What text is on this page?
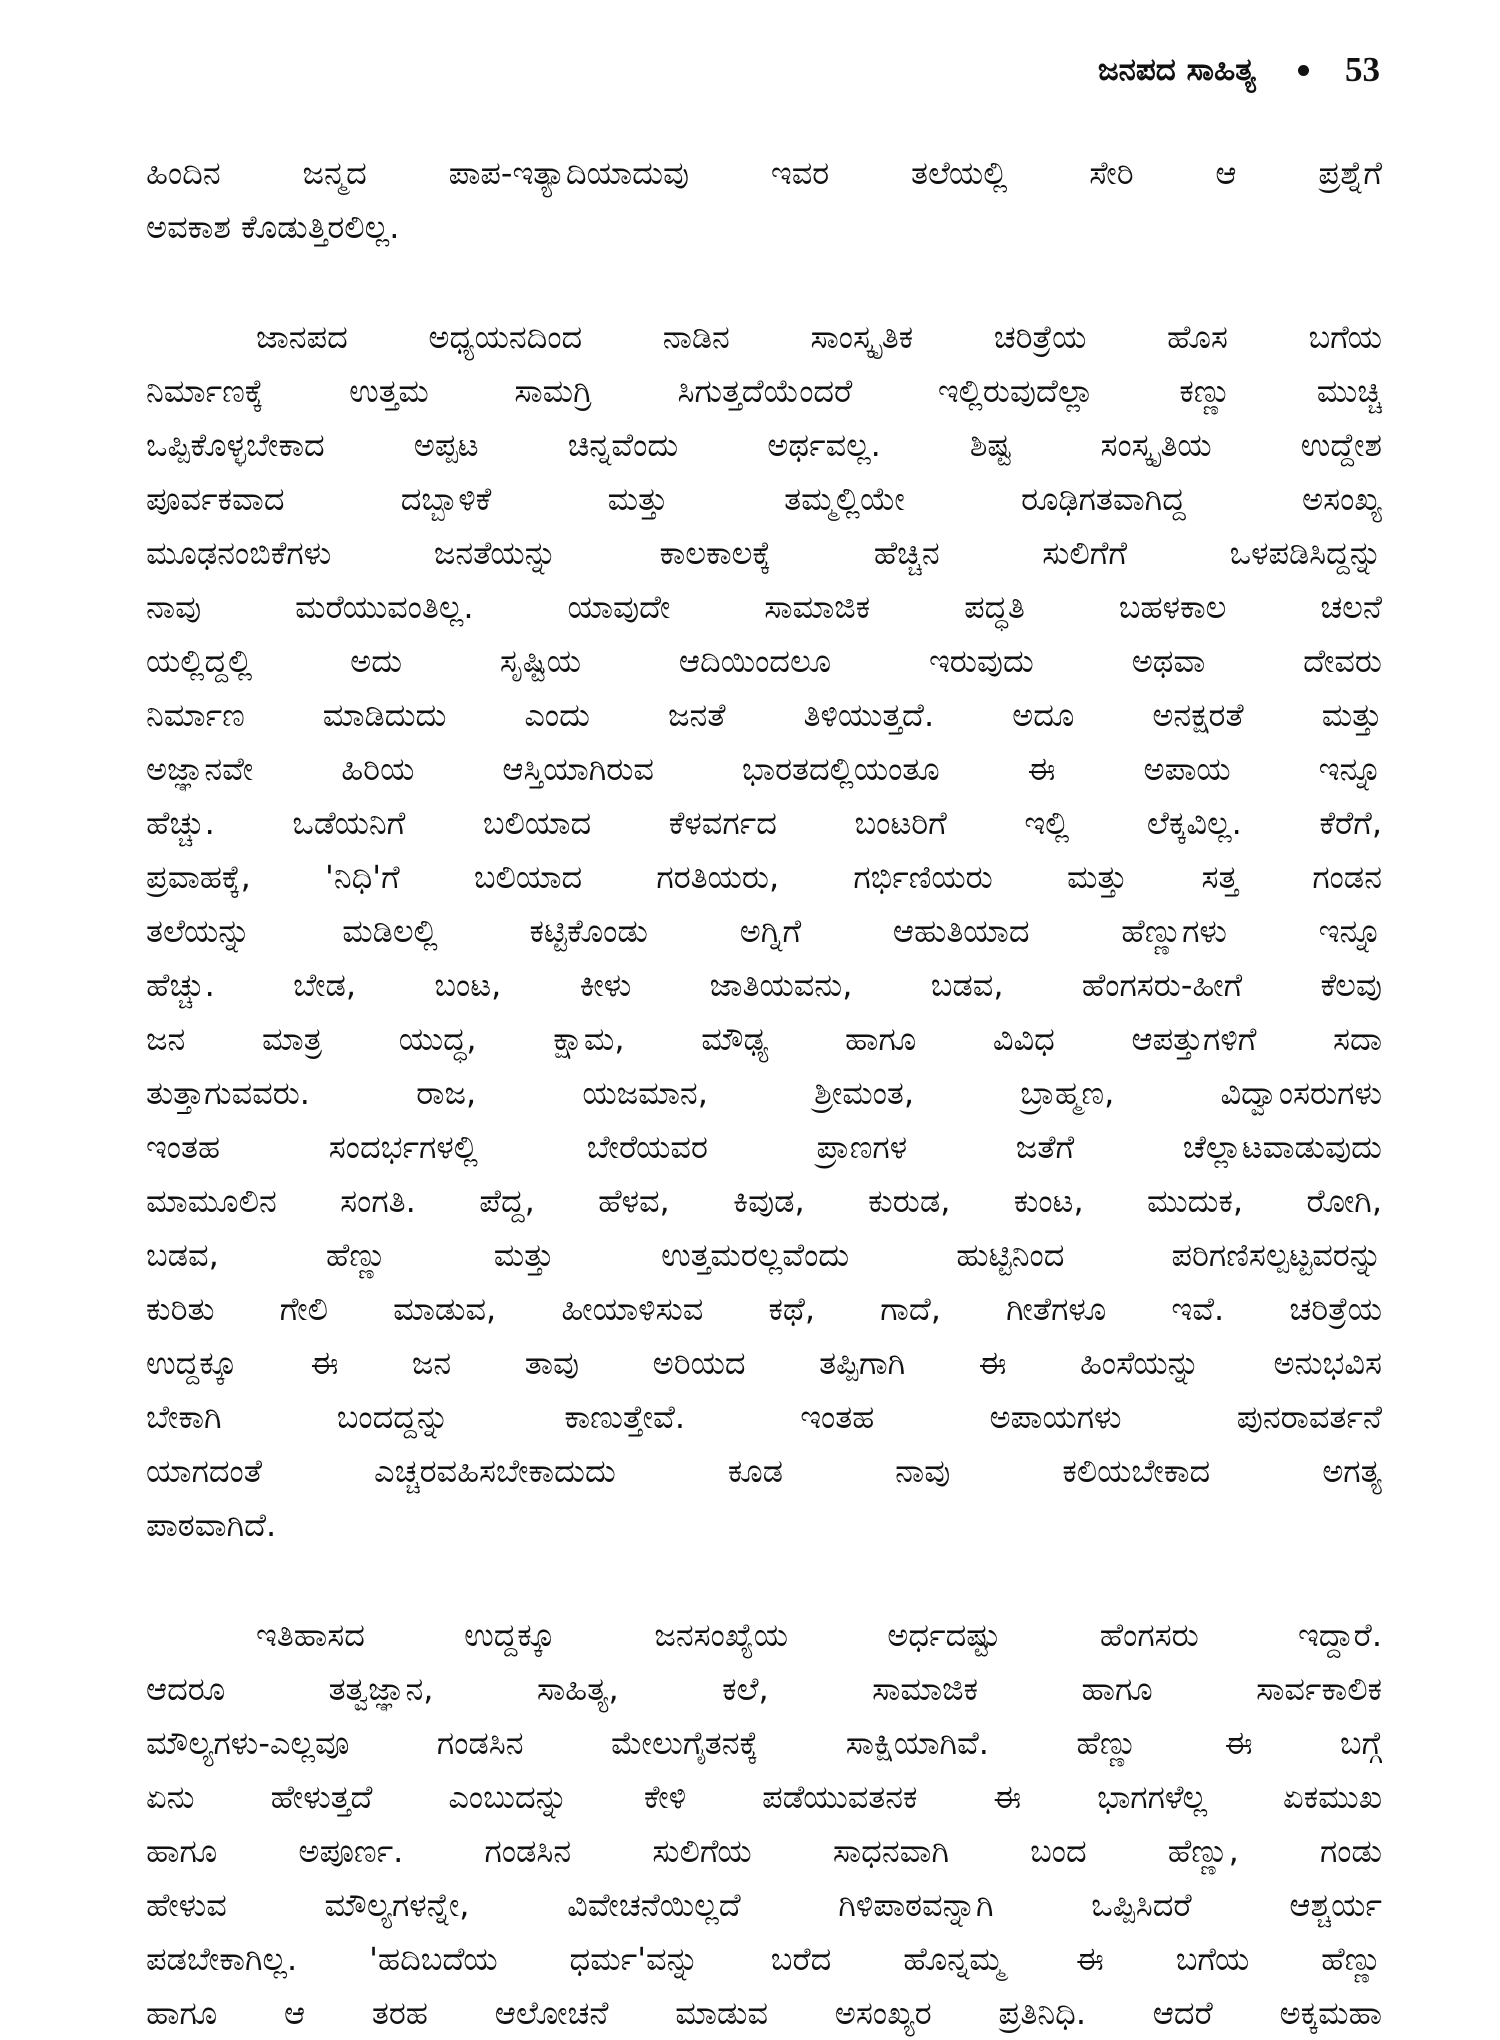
ಜನಪದ ಸಾಹಿತ್ಯ	53
ಹಿಂದಿನ ಜನ್ಮದ ಪಾಪ-ಇತ್ಯಾದಿಯಾದುವು ಇವರ ತಲೆಯಲ್ಲಿ ಸೇರಿ ಆ ಪ್ರಶ್ನೆಗೆ
ಅವಕಾಶ ಕೊಡುತ್ತಿರಲಿಲ್ಲ.
ಜಾನಪದ ಅಧ್ಯಯನದಿಂದ ನಾಡಿನ ಸಾಂಸ್ಕೃತಿಕ ಚರಿತ್ರೆಯ ಹೊಸ ಬಗೆಯ
ನಿರ್ಮಾಣಕ್ಕೆ ಉತ್ತಮ ಸಾಮಗ್ರಿ ಸಿಗುತ್ತದೆಯೆಂದರೆ ಇಲ್ಲಿರುವುದೆಲ್ಲಾ ಕಣ್ಣು ಮುಚ್ಚಿ
ಒಪ್ಪಿಕೊಳ್ಳಬೇಕಾದ ಅಪ್ಪಟ ಚಿನ್ನವೆಂದು ಅರ್ಥವಲ್ಲ. ಶಿಷ್ಟ ಸಂಸ್ಕೃತಿಯ ಉದ್ದೇಶ
ಪೂರ್ವಕವಾದ ದಬ್ಬಾಳಿಕೆ ಮತ್ತು ತಮ್ಮಲ್ಲಿಯೇ ರೂಢಿಗತವಾಗಿದ್ದ ಅಸಂಖ್ಯ
ಮೂಢನಂಬಿಕೆಗಳು ಜನತೆಯನ್ನು ಕಾಲಕಾಲಕ್ಕೆ ಹೆಚ್ಚಿನ ಸುಲಿಗೆಗೆ ಒಳಪಡಿಸಿದ್ದನ್ನು
ನಾವು ಮರೆಯುವಂತಿಲ್ಲ. ಯಾವುದೇ ಸಾಮಾಜಿಕ ಪದ್ಧತಿ ಬಹಳಕಾಲ ಚಲನೆ
ಯಲ್ಲಿದ್ದಲ್ಲಿ ಅದು ಸೃಷ್ಟಿಯ ಆದಿಯಿಂದಲೂ ಇರುವುದು ಅಥವಾ ದೇವರು
ನಿರ್ಮಾಣ ಮಾಡಿದುದು ಎಂದು ಜನತೆ ತಿಳಿಯುತ್ತದೆ. ಅದೂ ಅನಕ್ಷರತೆ ಮತ್ತು
ಅಜ್ಞಾನವೇ ಹಿರಿಯ ಆಸ್ತಿಯಾಗಿರುವ ಭಾರತದಲ್ಲಿಯಂತೂ ಈ ಅಪಾಯ ಇನ್ನೂ
ಹೆಚ್ಚು. ಒಡೆಯನಿಗೆ ಬಲಿಯಾದ ಕೆಳವರ್ಗದ ಬಂಟರಿಗೆ ಇಲ್ಲಿ ಲೆಕ್ಕವಿಲ್ಲ. ಕೆರೆಗೆ,
ಪ್ರವಾಹಕ್ಕೆ, 'ನಿಧಿ'ಗೆ ಬಲಿಯಾದ ಗರತಿಯರು, ಗರ್ಭಿಣಿಯರು ಮತ್ತು ಸತ್ತ ಗಂಡನ
ತಲೆಯನ್ನು ಮಡಿಲಲ್ಲಿ ಕಟ್ಟಿಕೊಂಡು ಅಗ್ನಿಗೆ ಆಹುತಿಯಾದ ಹೆಣ್ಣುಗಳು ಇನ್ನೂ
ಹೆಚ್ಚು. ಬೇಡ, ಬಂಟ, ಕೀಳು ಜಾತಿಯವನು, ಬಡವ, ಹೆಂಗಸರು-ಹೀಗೆ ಕೆಲವು
ಜನ ಮಾತ್ರ ಯುದ್ಧ, ಕ್ಷಾಮ, ಮೌಢ್ಯ ಹಾಗೂ ವಿವಿಧ ಆಪತ್ತುಗಳಿಗೆ ಸದಾ
ತುತ್ತಾಗುವವರು. ರಾಜ, ಯಜಮಾನ, ಶ್ರೀಮಂತ, ಬ್ರಾಹ್ಮಣ, ವಿದ್ವಾಂಸರುಗಳು
ಇಂತಹ ಸಂದರ್ಭಗಳಲ್ಲಿ ಬೇರೆಯವರ ಪ್ರಾಣಗಳ ಜತೆಗೆ ಚೆಲ್ಲಾಟವಾಡುವುದು
ಮಾಮೂಲಿನ ಸಂಗತಿ. ಪೆದ್ದ, ಹೆಳವ, ಕಿವುಡ, ಕುರುಡ, ಕುಂಟ, ಮುದುಕ, ರೋಗಿ,
ಬಡವ, ಹೆಣ್ಣು ಮತ್ತು ಉತ್ತಮರಲ್ಲವೆಂದು ಹುಟ್ಟಿನಿಂದ ಪರಿಗಣಿಸಲ್ಪಟ್ಟವರನ್ನು
ಕುರಿತು ಗೇಲಿ ಮಾಡುವ, ಹೀಯಾಳಿಸುವ ಕಥೆ, ಗಾದೆ, ಗೀತೆಗಳೂ ಇವೆ. ಚರಿತ್ರೆಯ
ಉದ್ದಕ್ಕೂ ಈ ಜನ ತಾವು ಅರಿಯದ ತಪ್ಪಿಗಾಗಿ ಈ ಹಿಂಸೆಯನ್ನು ಅನುಭವಿಸ
ಬೇಕಾಗಿ ಬಂದದ್ದನ್ನು ಕಾಣುತ್ತೇವೆ. ಇಂತಹ ಅಪಾಯಗಳು ಪುನರಾವರ್ತನೆ
ಯಾಗದಂತೆ ಎಚ್ಚರವಹಿಸಬೇಕಾದುದು ಕೂಡ ನಾವು ಕಲಿಯಬೇಕಾದ ಅಗತ್ಯ
ಪಾಠವಾಗಿದೆ.
ಇತಿಹಾಸದ ಉದ್ದಕ್ಕೂ ಜನಸಂಖ್ಯೆಯ ಅರ್ಧದಷ್ಟು ಹೆಂಗಸರು ಇದ್ದಾರೆ.
ಆದರೂ ತತ್ವಜ್ಞಾನ, ಸಾಹಿತ್ಯ, ಕಲೆ, ಸಾಮಾಜಿಕ ಹಾಗೂ ಸಾರ್ವಕಾಲಿಕ
ಮೌಲ್ಯಗಳು-ಎಲ್ಲವೂ ಗಂಡಸಿನ ಮೇಲುಗೈತನಕ್ಕೆ ಸಾಕ್ಷಿಯಾಗಿವೆ. ಹೆಣ್ಣು ಈ ಬಗ್ಗೆ
ಏನು ಹೇಳುತ್ತದೆ ಎಂಬುದನ್ನು ಕೇಳಿ ಪಡೆಯುವತನಕ ಈ ಭಾಗಗಳೆಲ್ಲ ಏಕಮುಖ
ಹಾಗೂ ಅಪೂರ್ಣ. ಗಂಡಸಿನ ಸುಲಿಗೆಯ ಸಾಧನವಾಗಿ ಬಂದ ಹೆಣ್ಣು, ಗಂಡು
ಹೇಳುವ ಮೌಲ್ಯಗಳನ್ನೇ, ವಿವೇಚನೆಯಿಲ್ಲದೆ ಗಿಳಿಪಾಠವನ್ನಾಗಿ ಒಪ್ಪಿಸಿದರೆ ಆಶ್ಚರ್ಯ
ಪಡಬೇಕಾಗಿಲ್ಲ. 'ಹದಿಬದೆಯ ಧರ್ಮ'ವನ್ನು ಬರೆದ ಹೊನ್ನಮ್ಮ ಈ ಬಗೆಯ ಹೆಣ್ಣು
ಹಾಗೂ ಆ ತರಹ ಆಲೋಚನೆ ಮಾಡುವ ಅಸಂಖ್ಯರ ಪ್ರತಿನಿಧಿ. ಆದರೆ ಅಕ್ಕಮಹಾ
